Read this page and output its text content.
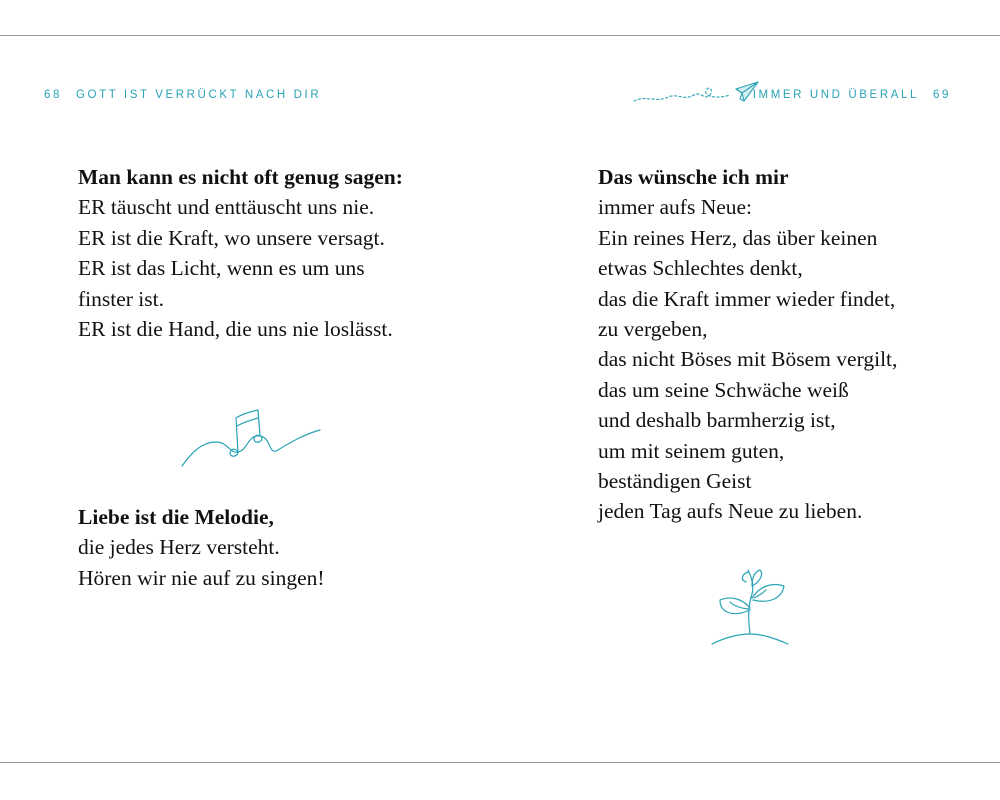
68 GOTT IST VERRÜCKT NACH DIR
Man kann es nicht oft genug sagen:
ER täuscht und enttäuscht uns nie.
ER ist die Kraft, wo unsere versagt.
ER ist das Licht, wenn es um uns
finster ist.
ER ist die Hand, die uns nie loslässt.
Liebe ist die Melodie,
die jedes Herz versteht.
Hören wir nie auf zu singen!
IMMER UND ÜBERALL 69
Das wünsche ich mir
immer aufs Neue:
Ein reines Herz, das über keinen
etwas Schlechtes denkt,
das die Kraft immer wieder findet,
zu vergeben,
das nicht Böses mit Bösem vergilt,
das um seine Schwäche weiß
und deshalb barmherzig ist,
um mit seinem guten,
beständigen Geist
jeden Tag aufs Neue zu lieben.
